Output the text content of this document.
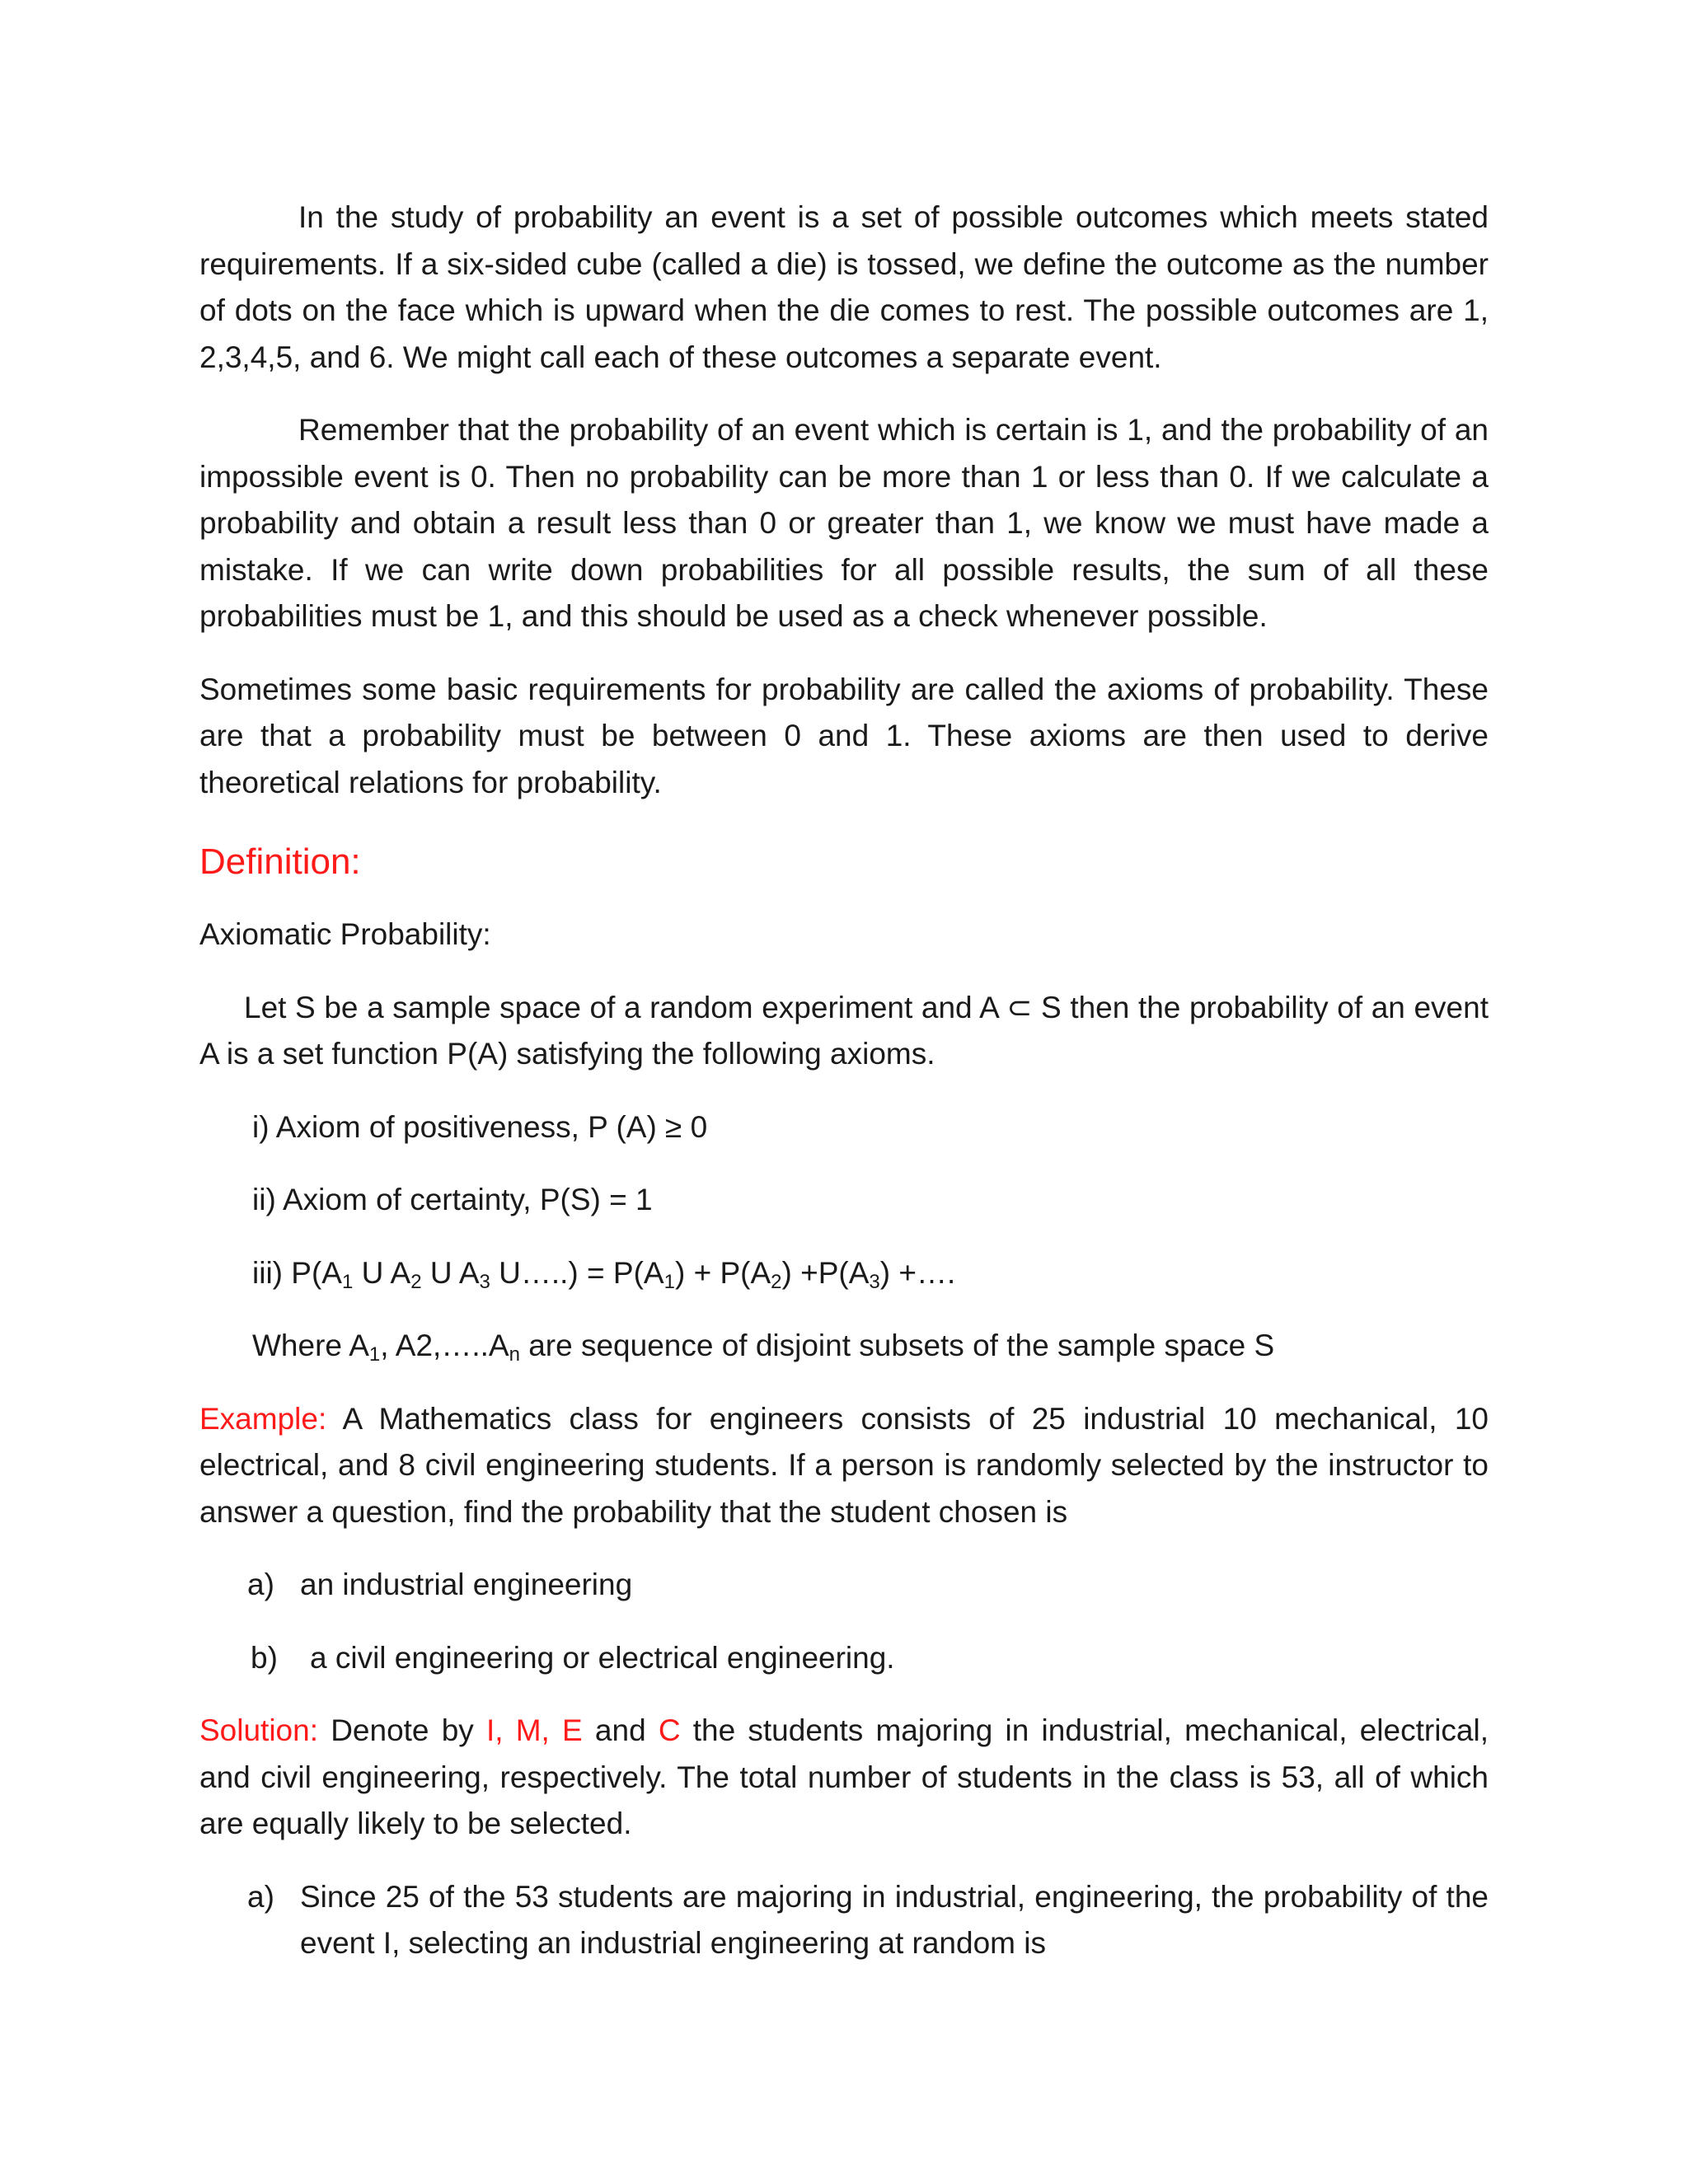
In the study of probability an event is a set of possible outcomes which meets stated requirements. If a six-sided cube (called a die) is tossed, we define the outcome as the number of dots on the face which is upward when the die comes to rest. The possible outcomes are 1, 2,3,4,5, and 6. We might call each of these outcomes a separate event.

Remember that the probability of an event which is certain is 1, and the probability of an impossible event is 0. Then no probability can be more than 1 or less than 0. If we calculate a probability and obtain a result less than 0 or greater than 1, we know we must have made a mistake. If we can write down probabilities for all possible results, the sum of all these probabilities must be 1, and this should be used as a check whenever possible.

Sometimes some basic requirements for probability are called the axioms of probability. These are that a probability must be between 0 and 1. These axioms are then used to derive theoretical relations for probability.

Definition:
Axiomatic Probability:

Let S be a sample space of a random experiment and A ⊂ S then the probability of an event A is a set function P(A) satisfying the following axioms.

i) Axiom of positiveness, P (A) ≥ 0
ii) Axiom of certainty, P(S) = 1
iii) $P(A_1$ U $A_2$ U $A_3$ U…..) = $P(A_1) + P(A_2) +P(A_3)$ +….
Where $A_1$, $A2,\dots..A_n$ are sequence of disjoint subsets of the sample space S

Example: A Mathematics class for engineers consists of 25 industrial 10 mechanical, 10 electrical, and 8 civil engineering students. If a person is randomly selected by the instructor to answer a question, find the probability that the student chosen is

a) an industrial engineering
b)	a civil engineering or electrical engineering.

Solution: Denote by I, M, E and C the students majoring in industrial, mechanical, electrical, and civil engineering, respectively. The total number of students in the class is 53, all of which are equally likely to be selected.

a) Since 25 of the 53 students are majoring in industrial, engineering, the probability of the event I, selecting an industrial engineering at random is
